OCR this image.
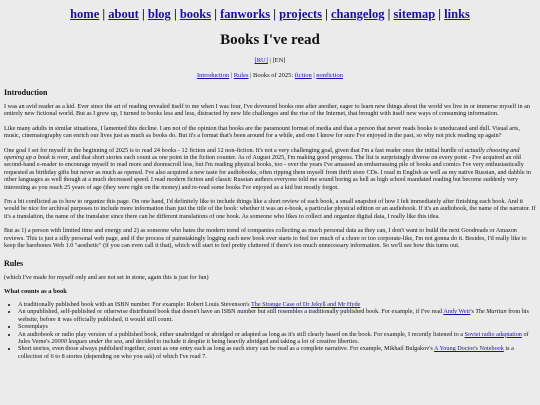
home | about | blog | books | fanworks | projects | changelog | sitemap | links
Books I've read
[RU] | [EN]
Introduction | Rules | Books of 2025: fiction | nonfiction
Introduction

I was an avid reader as a kid. Ever since the art of reading revealed itself to me when I was four, I've devoured books one after another, eager to learn new things about the world we live in or immerse myself in an entirely new fictional world. But as I grew up, I turned to books less and less, distracted by new life challenges and the rise of the Internet, that brought with itself new ways of consuming information.

Like many adults in similar situations, I lamented this decline. I am not of the opinion that books are the paramount format of media and that a person that never reads books is uneducated and dull. Visual arts, music, cinematography can enrich our lives just as much as books do. But it's a format that's been around for a while, and one I know for sure I've enjoyed in the past, so why not pick reading up again?

One goal I set for myself in the beginning of 2025 is to read 24 books - 12 fiction and 12 non-fiction. It's not a very challenging goal, given that I'm a fast reader once the initial hurdle of actually choosing and opening up a book is over, and that short stories each count as one point in the fiction counter. As of August 2025, I'm making good progress. The list is surprisingly diverse on every point - I've acquired an old second-hand e-reader to encourage myself to read more and doomscroll less, but I'm reading physical books, too - over the years I've amassed an embarrassing pile of books and comics I've very enthusiastically requested as birthday gifts but never as much as opened. I've also acquired a new taste for audiobooks, often ripping them myself from thrift store CDs. I read in English as well as my native Russian, and dabble in other languages as well though at a much decreased speed. I read modern fiction and classic Russian authors everyone told me sound boring as hell as high school mandated reading but become suddenly very interesting as you reach 25 years of age (they were right on the money) and re-read some books I've enjoyed as a kid but mostly forgot.

I'm a bit conflicted as to how to organize this page. On one hand, I'd definitely like to include things like a short review of each book, a small snapshot of how I felt immediately after finishing each book. And it would be nice for archival purposes to include more information than just the title of the book: whether it was an e-book, a particular physical edition or an audiobook. If it's an audiobook, the name of the narrator. If it's a translation, the name of the translator since there can be different translations of one book. As someone who likes to collect and organize digital data, I really like this idea.

But as 1) a person with limited time and energy and 2) as someone who hates the modern trend of companies collecting as much personal data as they can, I don't want to build the next Goodreads or Amazon reviews. This is just a silly personal web page, and if the process of painstakingly logging each new book ever starts to feel too much of a chore or too corporate-like, I'm not gonna do it. Besides, I'd really like to keep the barebones Web 1.0 "aesthetic" (if you can even call it that), which will start to feel pretty cluttered if there's too much unnecessary information. So we'll see how this turns out.

Rules

(which I've made for myself only and are not set in stone, again this is just for fun)

What counts as a book
• A traditionally published book with an ISBN number. For example: Robert Louis Stevenson's The Strange Case of Dr Jekyll and Mr Hyde
• An unpublished, self-published or otherwise distributed book that doesn't have an ISBN number but still resembles a traditionally published book. For example, if I've read Andy Weir's The Martian from his website, before it was officially published, it would still count.
• Screenplays
• An audiobook or radio play version of a published book, either unabridged or abridged or adapted as long as it's still clearly based on the book. For example, I recently listened to a Soviet radio adaptation of Jules Verne's 20000 leagues under the sea, and decided to include it despite it being heavily abridged and taking a lot of creative liberties.
• Short stories, even those always published together, count as one entry each as long as each story can be read as a complete narrative. For example, Mikhail Bulgakov's A Young Doctor's Notebook is a collection of 6 to 8 stories (depending on who you ask) of which I've read 7.
